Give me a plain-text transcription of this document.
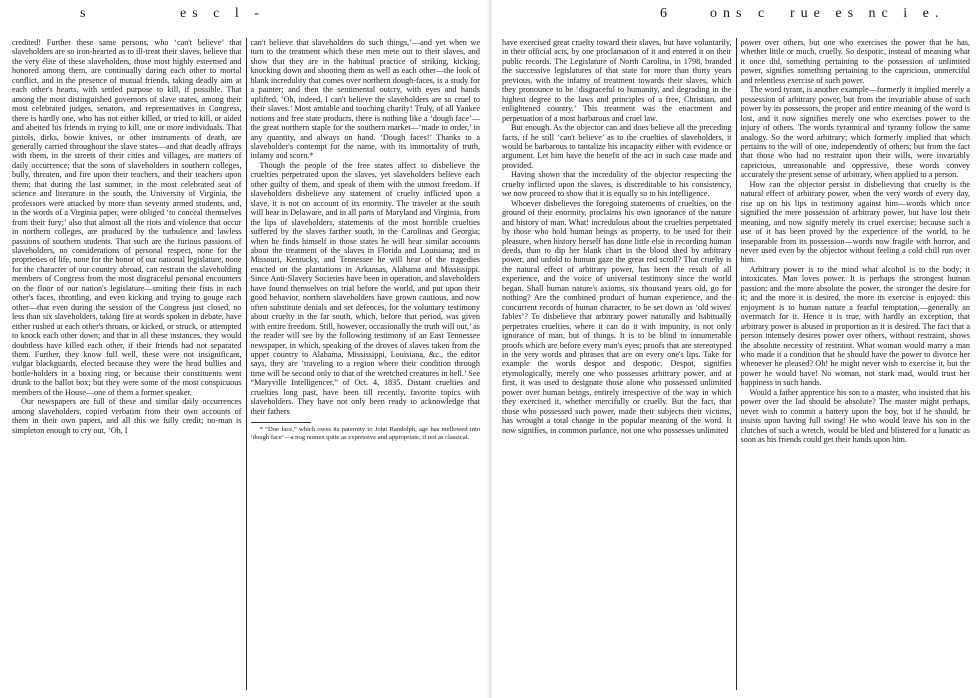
s	es c l -

credited! Further these same persons, who ‘can't believe’ that slaveholders are so iron-hearted as to ill-treat their slaves, believe that the very élite of these slaveholders, those most highly esteemed and honored among them, are continually daring each other to mortal conflict, and in the presence of mutual friends, taking deadly aim at each other's hearts, with settled purpose to kill, if possible. That among the most distinguished governors of slave states, among their most celebrated judges, senators, and representatives in Congress, there is hardly one, who has not either killed, or tried to kill, or aided and abetted his friends in trying to kill, one or more individuals. That pistols, dirks, bowie knives, or other instruments of death, are generally carried throughout the slave states—and that deadly affrays with them, in the streets of their cities and villages, are matters of daily occurrence; that the sons of slaveholders in southern colleges, bully, threaten, and fire upon their teachers, and their teachers upon them; that during the last summer, in the most celebrated seat of science and literature in the south, the University of Virginia, the professors were attacked by more than seventy armed students, and, in the words of a Virginia paper, were obliged ‘to conceal themselves from their fury;’ also that almost all the riots and violence that occur in northern colleges, are produced by the turbulence and lawless passions of southern students. That such are the furious passions of slaveholders, no considerations of personal respect, none for the proprieties of life, none for the honor of our national legislature, none for the character of our country abroad, can restrain the slaveholding members of Congress from the most disgraceful personal encounters on the floor of our nation's legislature—smiting their fists in each other's faces, throttling, and even kicking and trying to gouge each other—that even during the session of the Congress just closed, no less than six slaveholders, taking fire at words spoken in debate, have either rushed at each other's throats, or kicked, or struck, or attempted to knock each other down; and that in all these instances, they would doubtless have killed each other, if their friends had not separated them. Further, they know full well, these were not insignificant, vulgar blackguards, elected because they were the head bullies and bottle-holders in a boxing ring, or because their constituents went drunk to the ballot box; but they were some of the most conspicuous members of the House—one of them a former speaker.

Our newspapers are full of these and similar daily occurrences among slaveholders, copied verbatim from their own accounts of them in their own papers, and all this we fully credit; no-man is simpleton enough to cry out, ‘Oh, I

can't believe that slaveholders do such things,’—and yet when we turn to the treatment which these men mete out to their slaves, and show that they are in the habitual practice of striking, kicking, knocking down and shooting them as well as each other—the look of blank incredulity that comes over northern dough-faces, is a study for a painter; and then the sentimental outcry, with eyes and hands uplifted, ‘Oh, indeed, I can't believe the slaveholders are so cruel to their slaves.’ Most amiable and touching charity! Truly, of all Yankee notions and free state products, there is nothing like a ‘dough face’—the great northern staple for the southern market—‘made to order,’ in any quantity, and always on hand. ‘Dough faces!’ Thanks to a slaveholder's contempt for the name, with its immortality of truth, infamy and scorn.*

Though the people of the free states affect to disbelieve the cruelties perpetrated upon the slaves, yet slaveholders believe each other guilty of them, and speak of them with the utmost freedom. If slaveholders disbelieve any statement of cruelty inflicted upon a slave, it is not on account of its enormity. The traveler at the south will hear in Delaware, and in all parts of Maryland and Virginia, from the lips of slaveholders, statements of the most horrible cruelties suffered by the slaves farther south, in the Carolinas and Georgia; when he finds himself in those states he will hear similar accounts about the treatment of the slaves in Florida and Louisiana; and in Missouri, Kentucky, and Tennessee he will hear of the tragedies enacted on the plantations in Arkansas, Alabama and Mississippi. Since Anti-Slavery Societies have been in operation, and slaveholders have found themselves on trial before the world, and put upon their good behavior, northern slaveholders have grown cautious, and now often substitute denials and set defences, for the voluntary testimony about cruelty in the far south, which, before that period, was given with entire freedom. Still, however, occasionally the truth will out,’ as the reader will see by the following testimony of an East Tennessee newspaper, in which, speaking of the droves of slaves taken from the upper country to Alabama, Mississippi, Louisiana, &c., the editor says, they are ‘traveling to a region where their condition through time will be second only to that of the wretched creatures in hell.’ See “Maryville Intelligencer,” of Oct. 4, 1835. Distant cruelties and cruelties long past, have been till recently, favorite topics with slaveholders. They have not only been ready to acknowledge that their fathers

* “Doe face,” which owes its paternity to John Randolph, age has mellowed into ‘dough face’—a nog nomen quite as expressive and appropriate, if not as classical.

6	ons c rue es nc i e.

have exercised great cruelty toward their slaves, but have voluntarily, in their official acts, by one proclamation of it and entered it on their public records. The Legislature of North Carolina, in 1798, branded the successive legislatures of that state for more than thirty years previous, with the infamy of treatment towards their slaves, which they pronounce to be ‘disgraceful to humanity, and degrading in the highest degree to the laws and principles of a free, Christian, and enlightened country.’ This treatment was the enactment and perpetuation of a most barbarous and cruel law.

But enough. As the objector can and does believe all the preceding facts, if he still ‘can't believe’ as to the cruelties of slaveholders, it would be barbarous to tantalize his incapacity either with evidence or argument. Let him have the benefit of the act in such case made and provided.

Having shown that the incredulity of the objector respecting the cruelty inflicted upon the slaves, is discreditable to his consistency, we now proceed to show that it is equally so to his intelligence.

Whoever disbelieves the foregoing statements of cruelties, on the ground of their enormity, proclaims his own ignorance of the nature and history of man. What! incredulous about the cruelties perpetrated by those who hold human beings as property, to be used for their pleasure, when history herself has done little else in recording human deeds, than to dip her blank chart in the blood shed by arbitrary power, and unfold to human gaze the great red scroll? That cruelty is the natural effect of arbitrary power, has been the result of all experience, and the voice of universal testimony since the world began. Shall human nature's axioms, six thousand years old, go for nothing? Are the combined product of human experience, and the concurrent records of human character, to be set down as ‘old wives' fables’? To disbelieve that arbitrary power naturally and habitually perpetrates cruelties, where it can do it with impunity, is not only ignorance of man, but of things. It is to be blind to innumerable proofs which are before every man's eyes; proofs that are stereotyped in the very words and phrases that are on every one's lips. Take for example the words despot and despotic. Despot, signifies etymologically, merely one who possesses arbitrary power, and at first, it was used to designate those alone who possessed unlimited power over human beings, entirely irrespective of the way in which they exercised it, whether mercifully or cruelly. But the fact, that those who possessed such power, made their subjects their victims, has wrought a total change in the popular meaning of the word. It now signifies, in common parlance, not one who possesses unlimited

power over others, but one who exercises the power that he has, whether little or much, cruelly. So despotic, instead of meaning what it once did, something pertaining to the possession of unlimited power, signifies something pertaining to the capricious, unmerciful and relentless exercise of such power.

The word tyrant, is another example—formerly it implied merely a possession of arbitrary power, but from the invariable abuse of such power by its possessors, the proper and entire meaning of the word is lost, and it now signifies merely one who exercises power to the injury of others. The words tyrannical and tyranny follow the same analogy. So the word arbitrary; which formerly implied that which pertains to the will of one, independently of others; but from the fact that those who had no restraint upon their wills, were invariably capricious, unreasonable and oppressive, these words convey accurately the present sense of arbitrary, when applied to a person.

How can the objector persist in disbelieving that cruelty is the natural effect of arbitrary power, when the very words of every day, rise up on his lips in testimony against him—words which once signified the mere possession of arbitrary power, but have lost their meaning, and now signify merely its cruel exercise; because such a use of it has been proved by the experience of the world, to be inseparable from its possession—words now fragile with horror, and never used even by the objector without feeling a cold chill run over him.

Arbitrary power is to the mind what alcohol is to the body; it intoxicates. Man loves power. It is perhaps the strongest human passion; and the more absolute the power, the stronger the desire for it; and the more it is desired, the more its exercise is enjoyed: this enjoyment is to human nature a fearful temptation,—generally an overmatch for it. Hence it is true, with hardly an exception, that arbitrary power is abused in proportion as it is desired. The fact that a person intensely desires power over others, without restraint, shows the absolute necessity of restraint. What woman would marry a man who made it a condition that he should have the power to divorce her whenever he pleased? Oh! he might never wish to exercise it, but the power he would have! No woman, not stark mad, would trust her happiness in such hands.

Would a father apprentice his son to a master, who insisted that his power over the lad should be absolute? The master might perhaps, never wish to commit a battery upon the boy, but if he should, he insists upon having full swing! He who would leave his son in the clutches of such a wretch, would be bled and blistered for a lunatic as soon as his friends could get their hands upon him.
